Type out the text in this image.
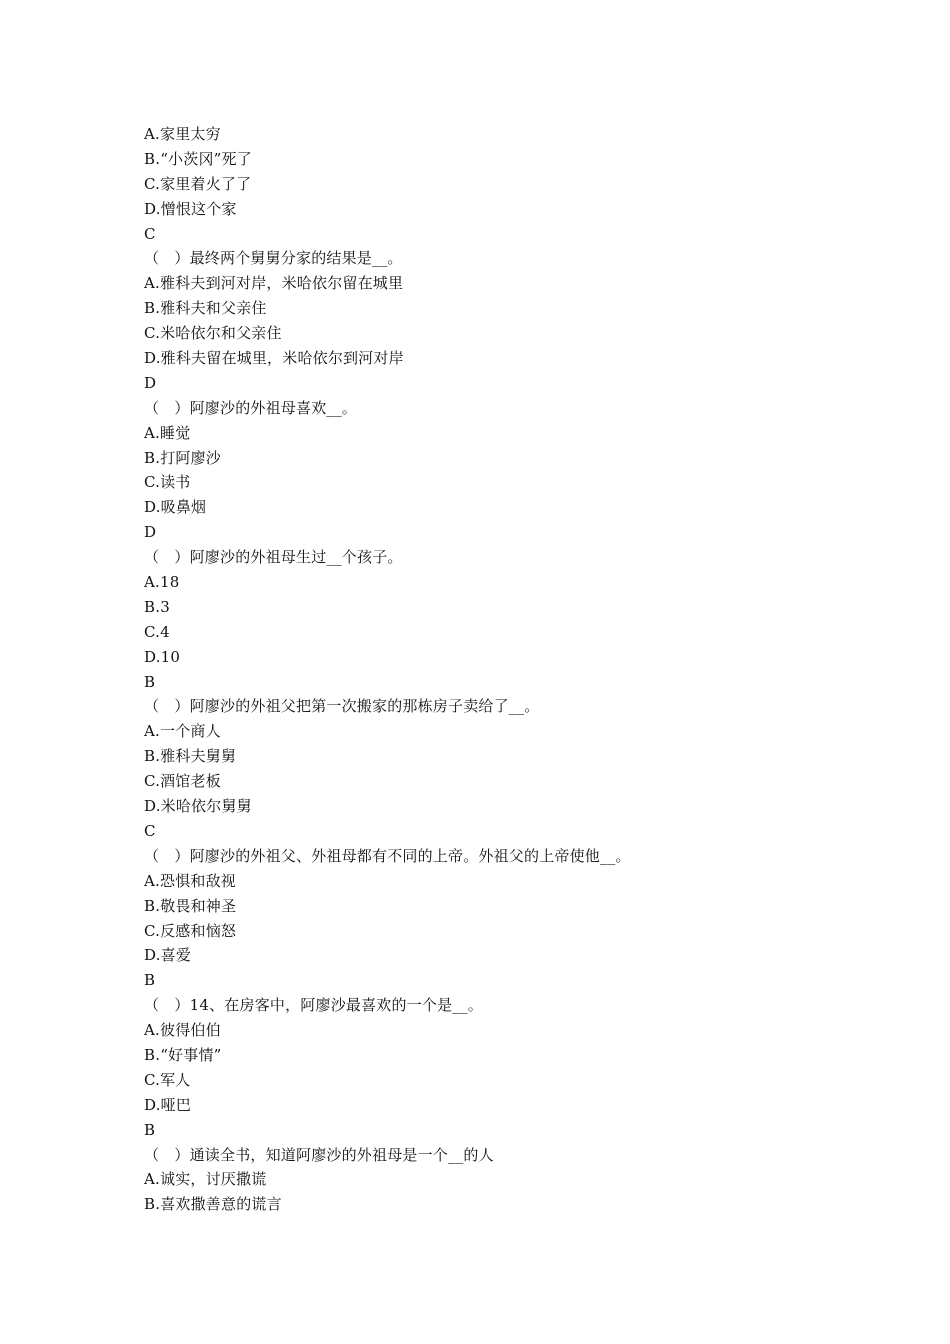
A.家里太穷
B.“小茨冈”死了
C.家里着火了了
D.憎恨这个家
C
（　）最终两个舅舅分家的结果是__。
A.雅科夫到河对岸，米哈依尔留在城里
B.雅科夫和父亲住
C.米哈依尔和父亲住
D.雅科夫留在城里，米哈依尔到河对岸
D
（　）阿廖沙的外祖母喜欢__。
A.睡觉
B.打阿廖沙
C.读书
D.吸鼻烟
D
（　）阿廖沙的外祖母生过__个孩子。
A.18
B.3
C.4
D.10
B
（　）阿廖沙的外祖父把第一次搬家的那栋房子卖给了__。
A.一个商人
B.雅科夫舅舅
C.酒馆老板
D.米哈依尔舅舅
C
（　）阿廖沙的外祖父、外祖母都有不同的上帝。外祖父的上帝使他__。
A.恐惧和敌视
B.敬畏和神圣
C.反感和恼怒
D.喜爱
B
（　）14、在房客中，阿廖沙最喜欢的一个是__。
A.彼得伯伯
B.“好事情”
C.军人
D.哑巴
B
（　）通读全书，知道阿廖沙的外祖母是一个__的人
A.诚实，讨厌撒谎
B.喜欢撒善意的谎言
